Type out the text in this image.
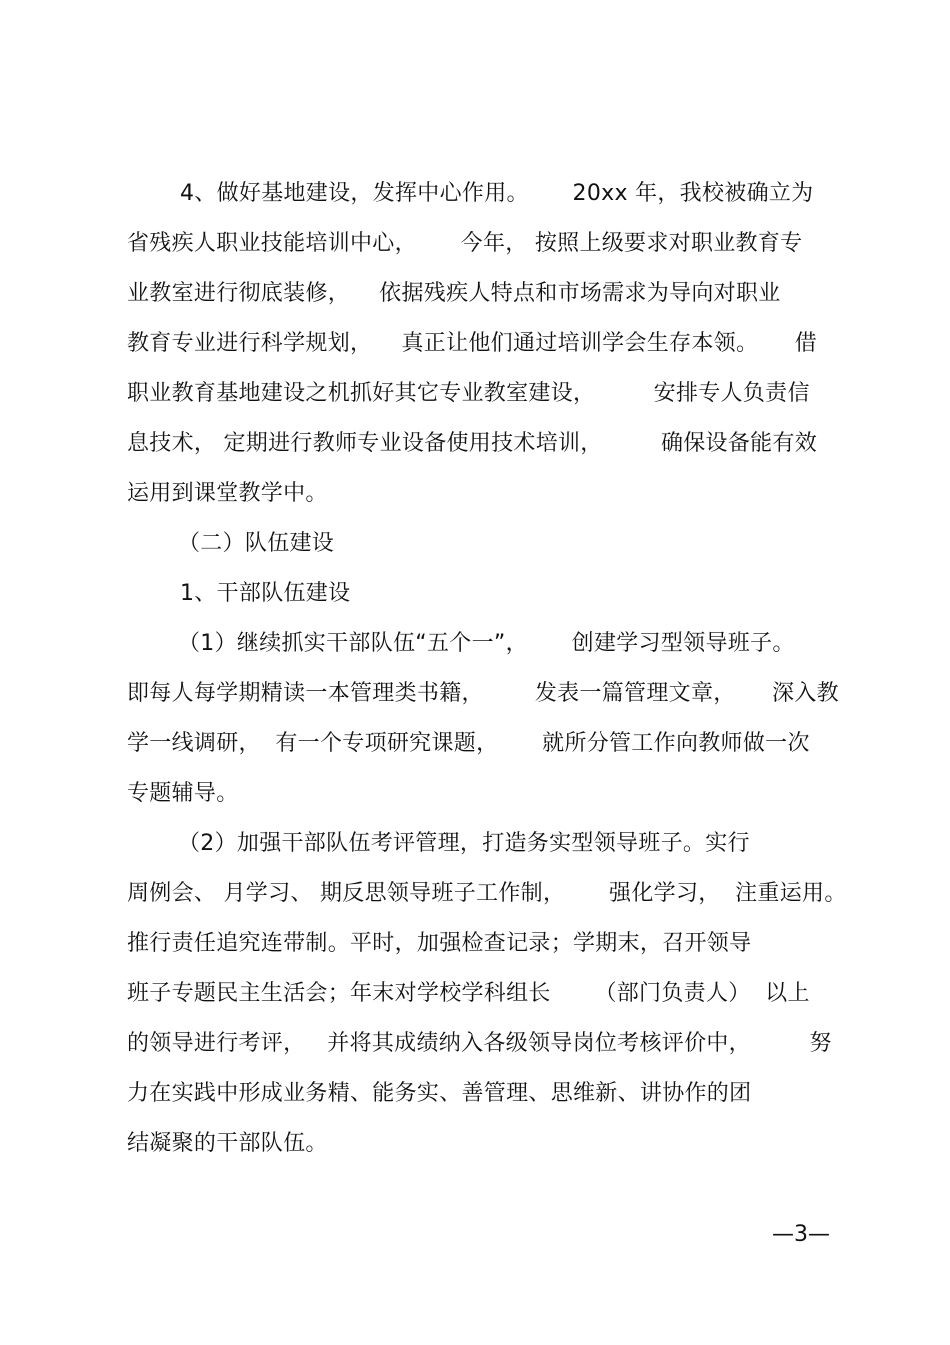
4、做好基地建设，发挥中心作用。      20xx 年，我校被确立为
省残疾人职业技能培训中心，      今年， 按照上级要求对职业教育专
业教室进行彻底装修，    依据残疾人特点和市场需求为导向对职业
教育专业进行科学规划，    真正让他们通过培训学会生存本领。     借
职业教育基地建设之机抓好其它专业教室建设，        安排专人负责信
息技术， 定期进行教师专业设备使用技术培训，        确保设备能有效
运用到课堂教学中。
（二）队伍建设
1、干部队伍建设
（1）继续抓实干部队伍“五个一”，      创建学习型领导班子。
即每人每学期精读一本管理类书籍，       发表一篇管理文章，     深入教
学一线调研，  有一个专项研究课题，      就所分管工作向教师做一次
专题辅导。
（2）加强干部队伍考评管理，打造务实型领导班子。实行
周例会、 月学习、 期反思领导班子工作制，      强化学习，  注重运用。
推行责任追究连带制。平时，加强检查记录；学期末，召开领导
班子专题民主生活会；年末对学校学科组长      （部门负责人）  以上
的领导进行考评，   并将其成绩纳入各级领导岗位考核评价中，        努
力在实践中形成业务精、能务实、善管理、思维新、讲协作的团
结凝聚的干部队伍。
—3—
